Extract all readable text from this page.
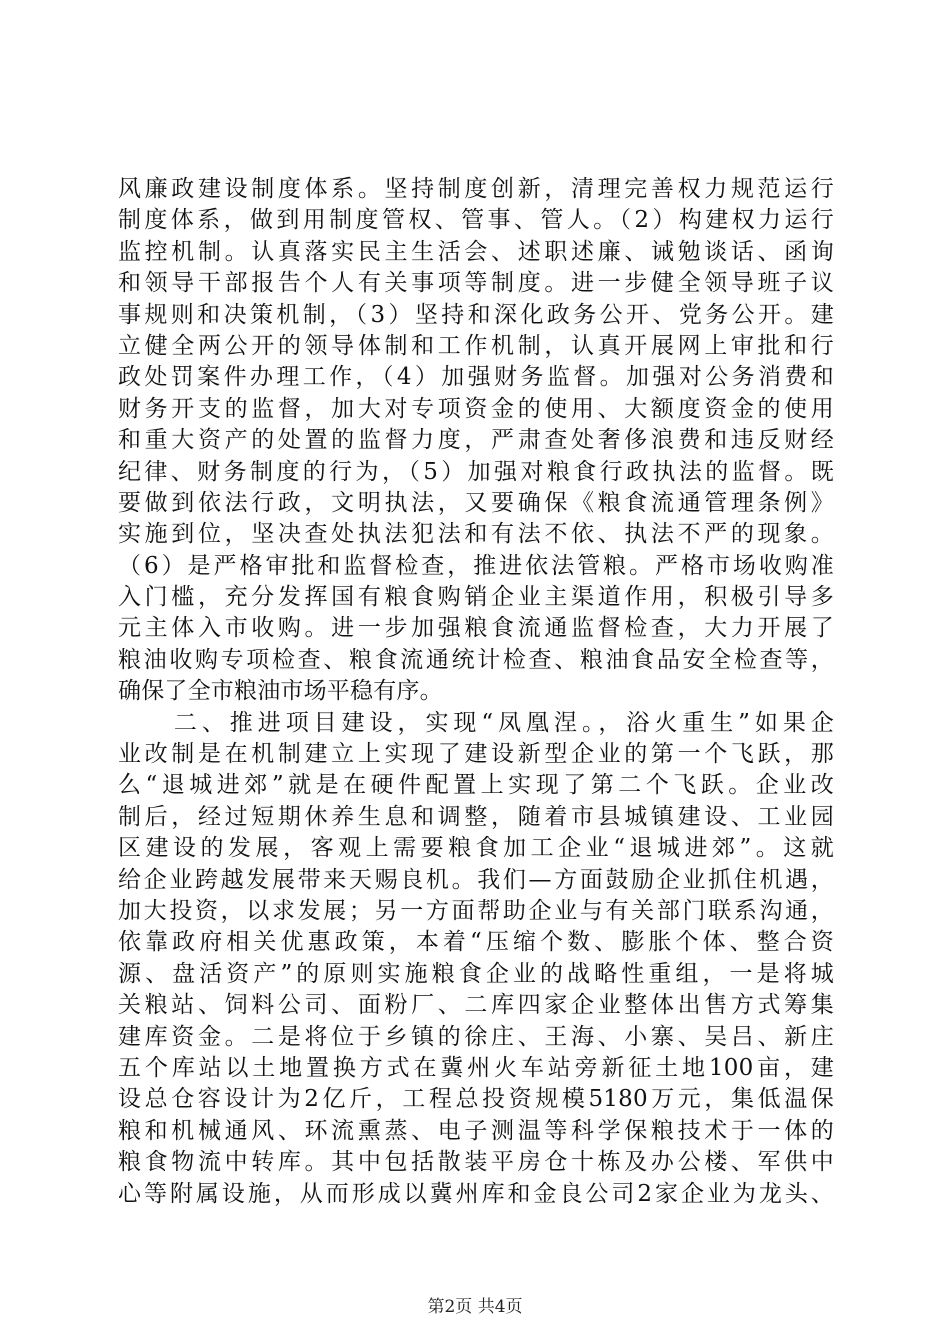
风廉政建设制度体系。坚持制度创新，清理完善权力规范运行
制度体系，做到用制度管权、管事、管人。（2）构建权力运行
监控机制。认真落实民主生活会、述职述廉、诫勉谈话、函询
和领导干部报告个人有关事项等制度。进一步健全领导班子议
事规则和决策机制，（3）坚持和深化政务公开、党务公开。建
立健全两公开的领导体制和工作机制，认真开展网上审批和行
政处罚案件办理工作，（4）加强财务监督。加强对公务消费和
财务开支的监督，加大对专项资金的使用、大额度资金的使用
和重大资产的处置的监督力度，严肃查处奢侈浪费和违反财经
纪律、财务制度的行为，（5）加强对粮食行政执法的监督。既
要做到依法行政，文明执法，又要确保《粮食流通管理条例》
实施到位，坚决查处执法犯法和有法不依、执法不严的现象。
（6）是严格审批和监督检查，推进依法管粮。严格市场收购准
入门槛，充分发挥国有粮食购销企业主渠道作用，积极引导多
元主体入市收购。进一步加强粮食流通监督检查，大力开展了
粮油收购专项检查、粮食流通统计检查、粮油食品安全检查等，
确保了全市粮油市场平稳有序。
　　二、推进项目建设，实现“凤凰涅。，浴火重生”如果企
业改制是在机制建立上实现了建设新型企业的第一个飞跃，那
么“退城进郊”就是在硬件配置上实现了第二个飞跃。企业改
制后，经过短期休养生息和调整，随着市县城镇建设、工业园
区建设的发展，客观上需要粮食加工企业“退城进郊”。这就
给企业跨越发展带来天赐良机。我们—方面鼓励企业抓住机遇，
加大投资，以求发展；另一方面帮助企业与有关部门联系沟通，
依靠政府相关优惠政策，本着“压缩个数、膨胀个体、整合资
源、盘活资产”的原则实施粮食企业的战略性重组，一是将城
关粮站、饲料公司、面粉厂、二库四家企业整体出售方式筹集
建库资金。二是将位于乡镇的徐庄、王海、小寨、吴吕、新庄
五个库站以土地置换方式在冀州火车站旁新征土地100亩，建
设总仓容设计为2亿斤，工程总投资规模5180万元，集低温保
粮和机械通风、环流熏蒸、电子测温等科学保粮技术于一体的
粮食物流中转库。其中包括散装平房仓十栋及办公楼、军供中
心等附属设施，从而形成以冀州库和金良公司2家企业为龙头、
第2页 共4页
